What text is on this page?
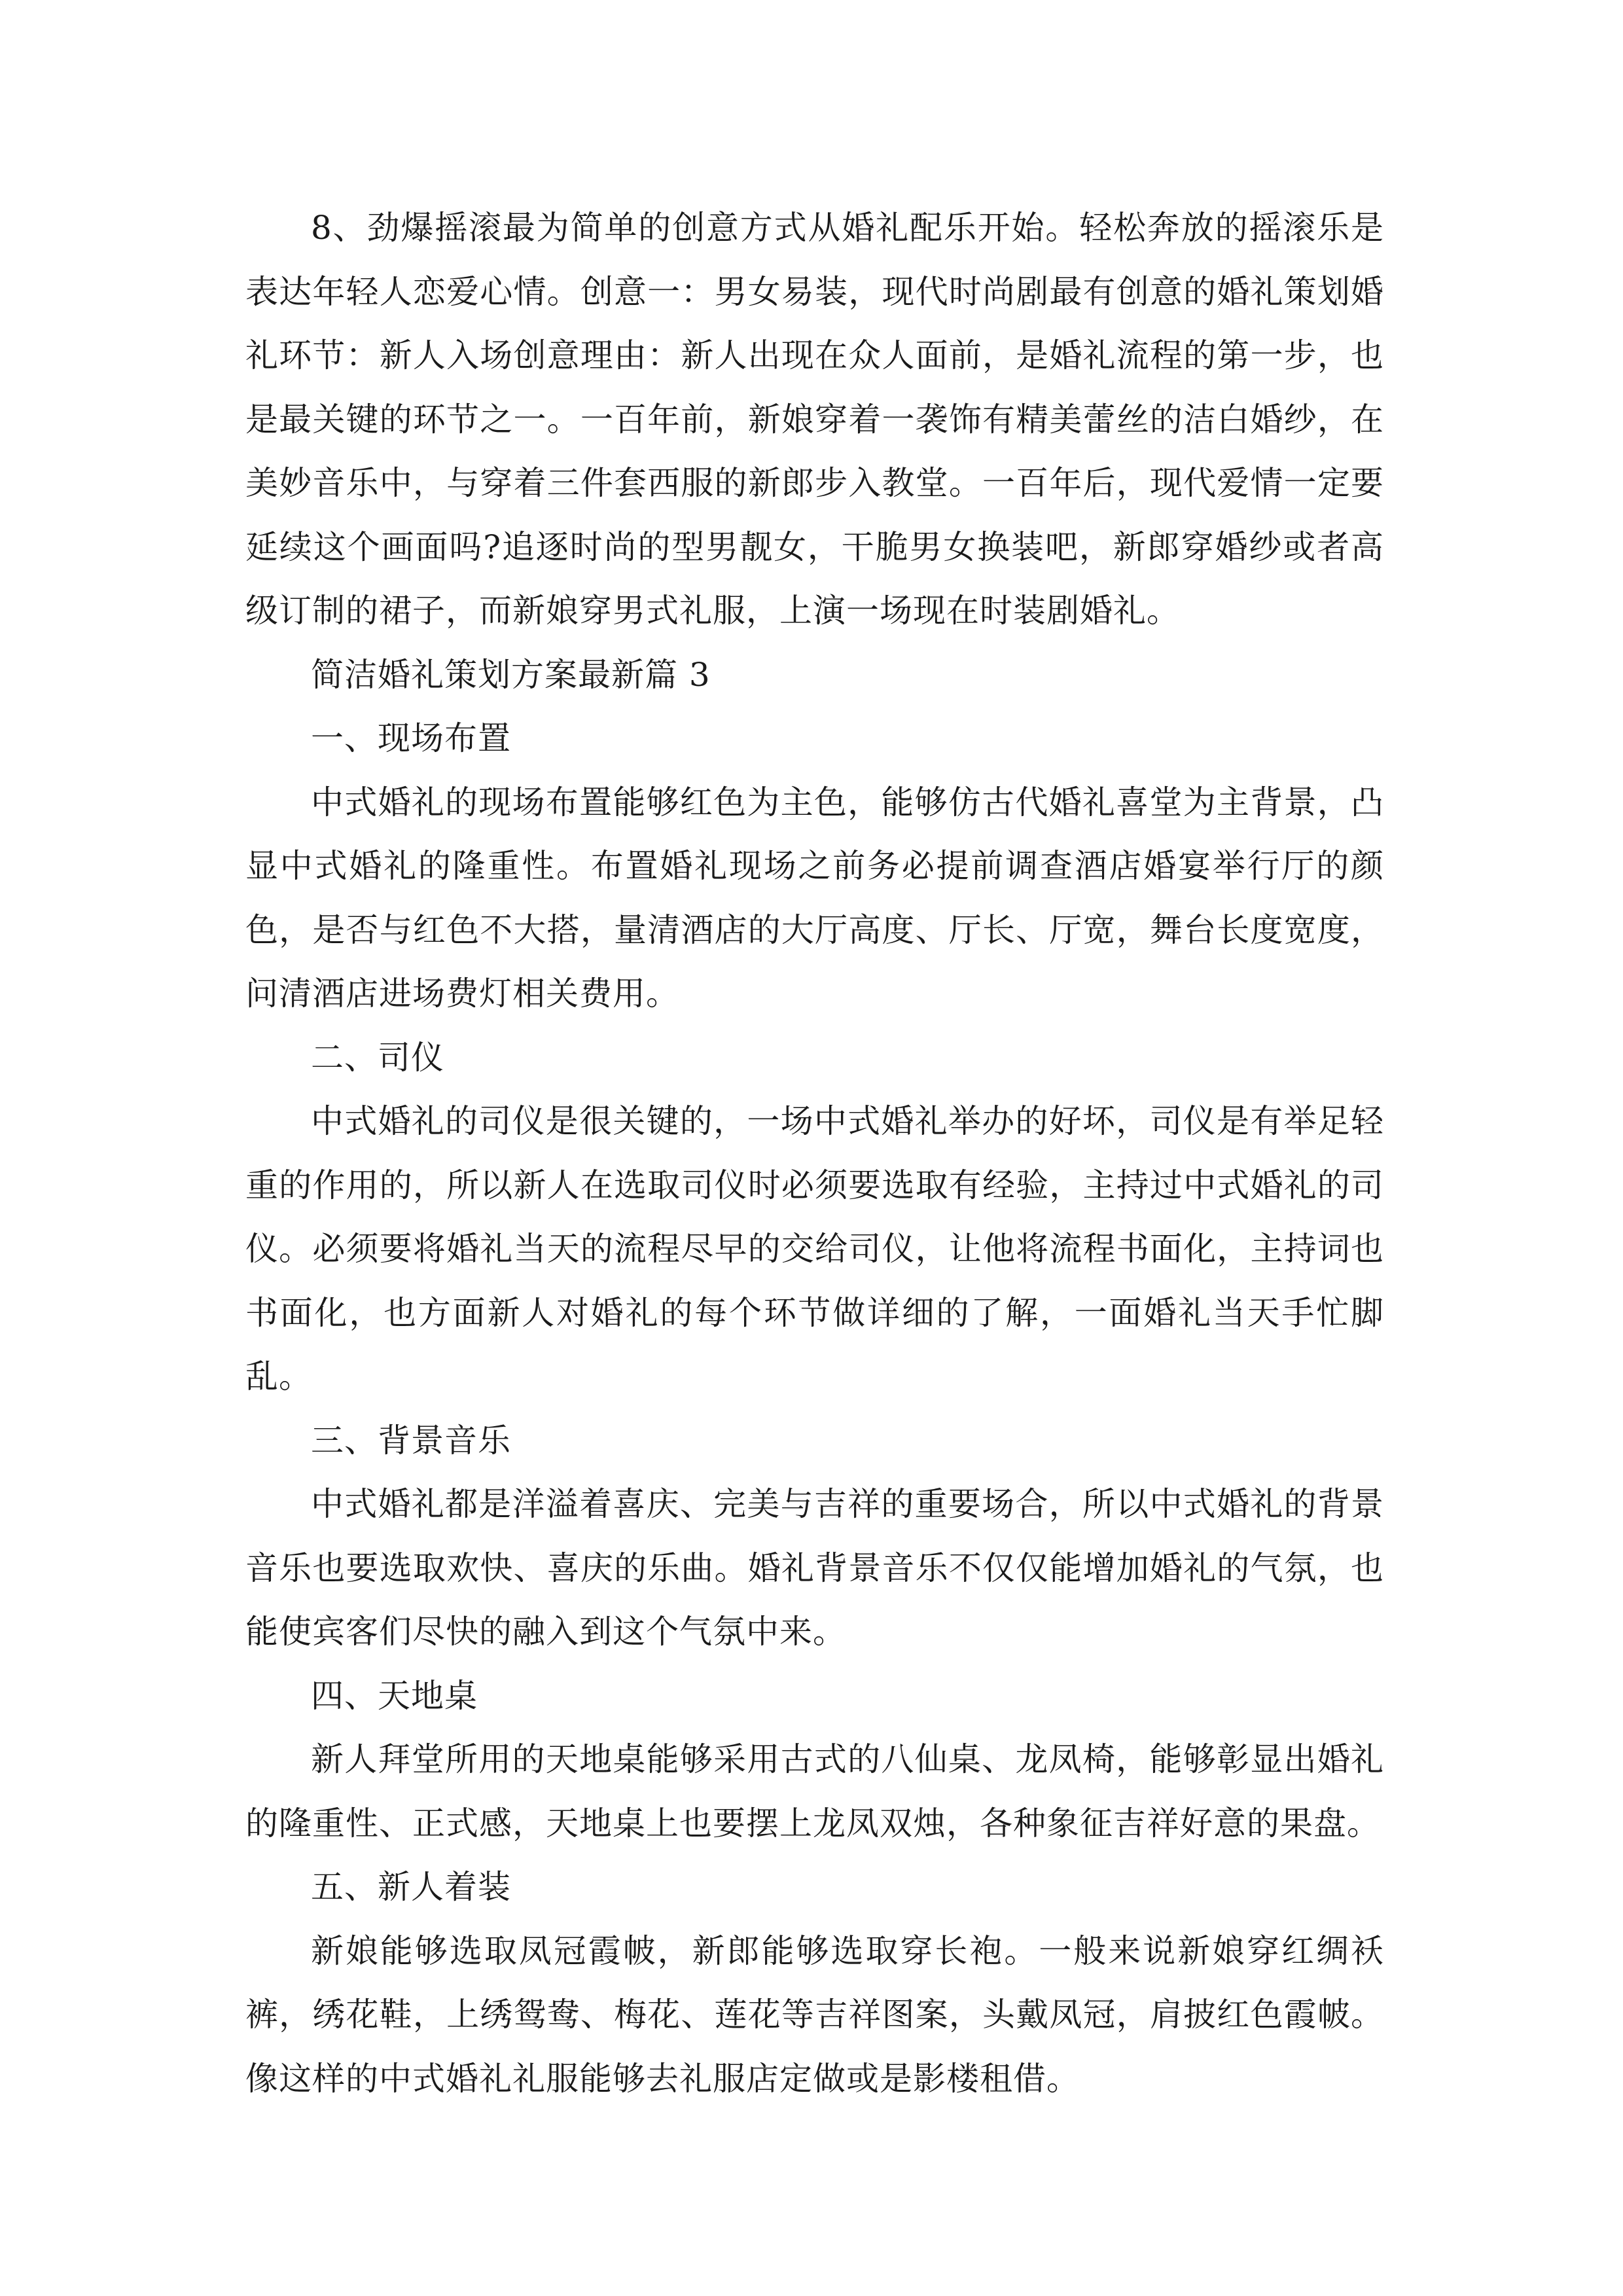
8、劲爆摇滚最为简单的创意方式从婚礼配乐开始。轻松奔放的摇滚乐是表达年轻人恋爱心情。创意一：男女易装，现代时尚剧最有创意的婚礼策划婚礼环节：新人入场创意理由：新人出现在众人面前，是婚礼流程的第一步，也是最关键的环节之一。一百年前，新娘穿着一袭饰有精美蕾丝的洁白婚纱，在美妙音乐中，与穿着三件套西服的新郎步入教堂。一百年后，现代爱情一定要延续这个画面吗?追逐时尚的型男靓女，干脆男女换装吧，新郎穿婚纱或者高级订制的裙子，而新娘穿男式礼服，上演一场现在时装剧婚礼。

简洁婚礼策划方案最新篇 3

一、现场布置

中式婚礼的现场布置能够红色为主色，能够仿古代婚礼喜堂为主背景，凸显中式婚礼的隆重性。布置婚礼现场之前务必提前调查酒店婚宴举行厅的颜色，是否与红色不大搭，量清酒店的大厅高度、厅长、厅宽，舞台长度宽度，问清酒店进场费灯相关费用。

二、司仪

中式婚礼的司仪是很关键的，一场中式婚礼举办的好坏，司仪是有举足轻重的作用的，所以新人在选取司仪时必须要选取有经验，主持过中式婚礼的司仪。必须要将婚礼当天的流程尽早的交给司仪，让他将流程书面化，主持词也书面化，也方面新人对婚礼的每个环节做详细的了解，一面婚礼当天手忙脚乱。

三、背景音乐

中式婚礼都是洋溢着喜庆、完美与吉祥的重要场合，所以中式婚礼的背景音乐也要选取欢快、喜庆的乐曲。婚礼背景音乐不仅仅能增加婚礼的气氛，也能使宾客们尽快的融入到这个气氛中来。

四、天地桌

新人拜堂所用的天地桌能够采用古式的八仙桌、龙凤椅，能够彰显出婚礼的隆重性、正式感，天地桌上也要摆上龙凤双烛，各种象征吉祥好意的果盘。

五、新人着装

新娘能够选取凤冠霞帔，新郎能够选取穿长袍。一般来说新娘穿红绸袄裤，绣花鞋，上绣鸳鸯、梅花、莲花等吉祥图案，头戴凤冠，肩披红色霞帔。像这样的中式婚礼礼服能够去礼服店定做或是影楼租借。
